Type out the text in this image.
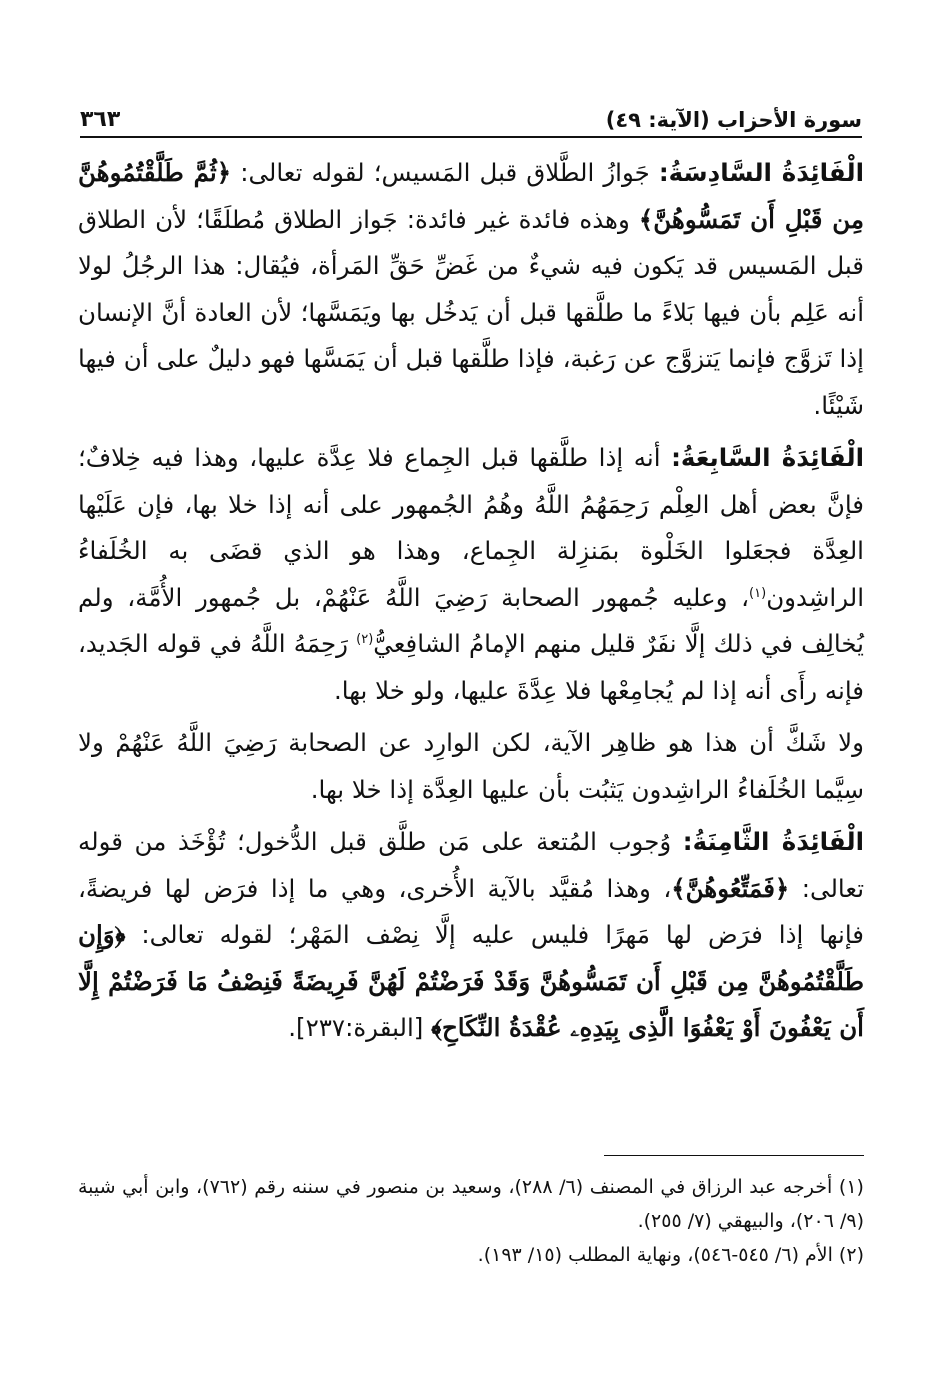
سورة الأحزاب (الآية: ٤٩)
٣٦٣

الْفَائِدَةُ السَّادِسَةُ: جَوازُ الطَّلاق قبل المَسيس؛ لقوله تعالى: ﴿ثُمَّ طَلَّقْتُمُوهُنَّ مِن قَبْلِ أَن تَمَسُّوهُنَّ﴾ وهذه فائدة غير فائدة: جَواز الطلاق مُطلَقًا؛ لأن الطلاق قبل المَسيس قد يَكون فيه شيءٌ من غَضِّ حَقِّ المَرأة، فيُقال: هذا الرجُلُ لولا أنه عَلِم بأن فيها بَلاءً ما طلَّقها قبل أن يَدخُل بها ويَمَسَّها؛ لأن العادة أنَّ الإنسان إذا تَزوَّج فإنما يَتزوَّج عن رَغبة، فإذا طلَّقها قبل أن يَمَسَّها فهو دليلٌ على أن فيها شَيْئًا.

الْفَائِدَةُ السَّابِعَةُ: أنه إذا طلَّقها قبل الجِماع فلا عِدَّة عليها، وهذا فيه خِلافٌ؛ فإنَّ بعض أهل العِلْم رَحِمَهُمُ اللَّهُ وهُمُ الجُمهور على أنه إذا خلا بها، فإن عَلَيْها العِدَّة فجعَلوا الخَلْوة بمَنزِلة الجِماع، وهذا هو الذي قضَى به الخُلَفاءُ الراشِدون$^{(١)}$، وعليه جُمهور الصحابة رَضِيَ اللَّهُ عَنْهُمْ، بل جُمهور الأُمَّة، ولم يُخالِف في ذلك إلَّا نفَرٌ قليل منهم الإمامُ الشافِعيُّ$^{(٢)}$ رَحِمَهُ اللَّهُ في قوله الجَديد، فإنه رأَى أنه إذا لم يُجامِعْها فلا عِدَّةَ عليها، ولو خلا بها.

ولا شَكَّ أن هذا هو ظاهِر الآية، لكن الوارِد عن الصحابة رَضِيَ اللَّهُ عَنْهُمْ ولا سِيَّما الخُلَفاءُ الراشِدون يَثبُت بأن عليها العِدَّة إذا خلا بها.

الْفَائِدَةُ الثَّامِنَةُ: وُجوب المُتعة على مَن طلَّق قبل الدُّخول؛ تُؤْخَذ من قوله تعالى: ﴿فَمَتِّعُوهُنَّ﴾، وهذا مُقيَّد بالآية الأُخرى، وهي ما إذا فرَض لها فريضةً، فإنها إذا فرَض لها مَهرًا فليس عليه إلَّا نِصْف المَهْر؛ لقوله تعالى: ﴿وَإِن طَلَّقْتُمُوهُنَّ مِن قَبْلِ أَن تَمَسُّوهُنَّ وَقَدْ فَرَضْتُمْ لَهُنَّ فَرِيضَةً فَنِصْفُ مَا فَرَضْتُمْ إِلَّا أَن يَعْفُونَ أَوْ يَعْفُوَا الَّذِى بِيَدِهِۦ عُقْدَةُ النِّكَاحِ﴾ [البقرة:٢٣٧].

(١) أخرجه عبد الرزاق في المصنف (٦/ ٢٨٨)، وسعيد بن منصور في سننه رقم (٧٦٢)، وابن أبي شيبة (٩/ ٢٠٦)، والبيهقي (٧/ ٢٥٥).
(٢) الأم (٦/ ٥٤٥-٥٤٦)، ونهاية المطلب (١٥/ ١٩٣).
